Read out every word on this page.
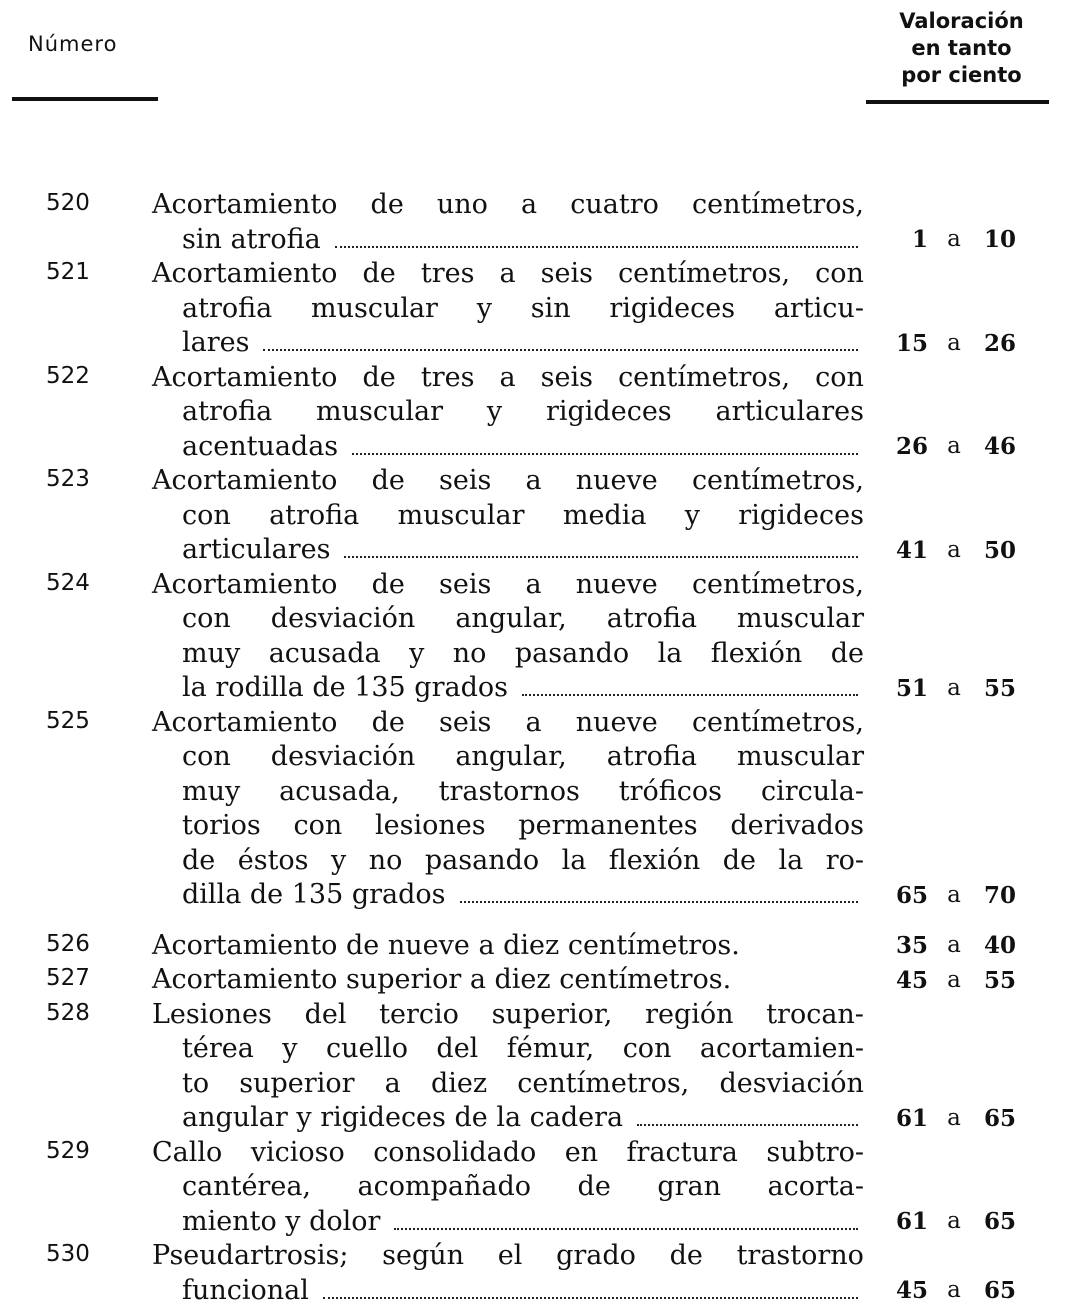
Número
Valoración
en tanto
por ciento
520 Acortamiento de uno a cuatro centímetros,
sin atrofia	1 a	10
521 Acortamiento de tres a seis centímetros, con
atrofia muscular y sin rigideces articu-
lares	15 a	26
522 Acortamiento de tres a seis centímetros, con
atrofia muscular y rigideces articulares
acentuadas	26 a	46
523 Acortamiento de seis a nueve centímetros,
con atrofia muscular media y rigideces
articulares	41 a	50
524 Acortamiento de seis a nueve centímetros,
con desviación angular, atrofia muscular
muy acusada y no pasando la flexión de
la rodilla de 135 grados	51 a	55
525 Acortamiento de seis a nueve centímetros,
con desviación angular, atrofia muscular
muy acusada, trastornos tróficos circula-
torios con lesiones permanentes derivados
de éstos y no pasando la flexión de la ro-
dilla de 135 grados	65 a	70
526 Acortamiento de nueve a diez centímetros.	35 a	40
527 Acortamiento superior a diez centímetros.	45 a	55
528 Lesiones del tercio superior, región trocan-
térea y cuello del fémur, con acortamien-
to superior a diez centímetros, desviación
angular y rigideces de la cadera	61 a	65
529 Callo vicioso consolidado en fractura subtro-
cantérea, acompañado de gran acorta-
miento y dolor	61 a	65
530 Pseudartrosis; según el grado de trastorno
funcional	45 a	65
